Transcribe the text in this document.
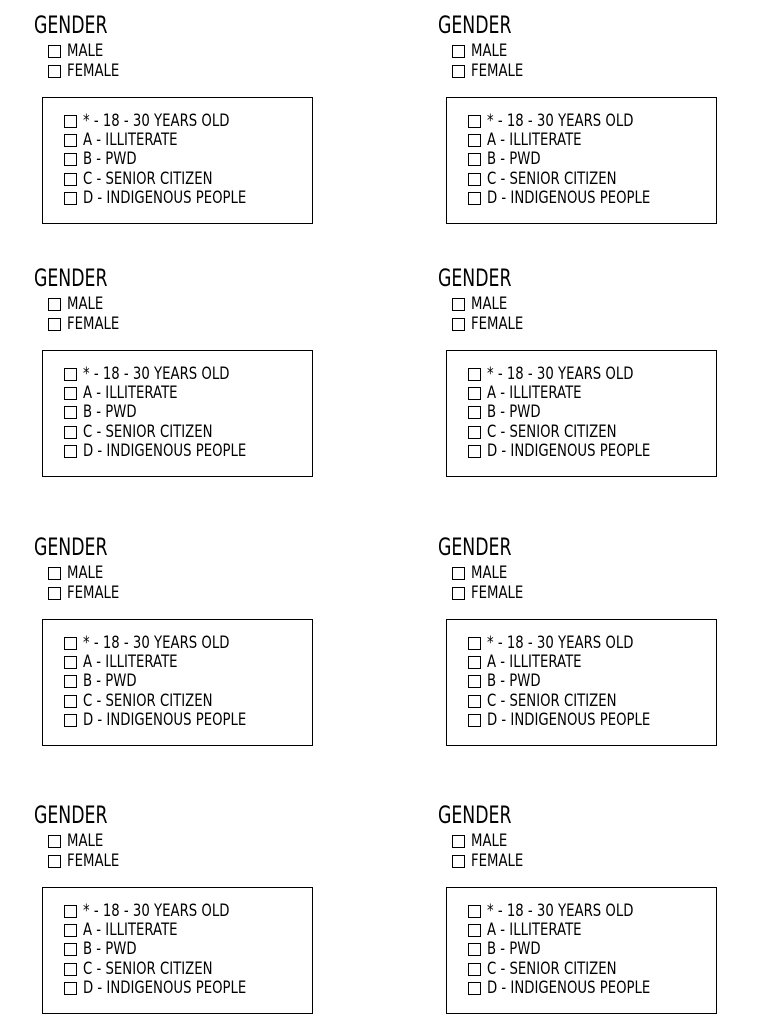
GENDER
MALE
FEMALE
* - 18 - 30 YEARS OLD
A - ILLITERATE
B - PWD
C - SENIOR CITIZEN
D - INDIGENOUS PEOPLE
GENDER
MALE
FEMALE
* - 18 - 30 YEARS OLD
A - ILLITERATE
B - PWD
C - SENIOR CITIZEN
D - INDIGENOUS PEOPLE
GENDER
MALE
FEMALE
* - 18 - 30 YEARS OLD
A - ILLITERATE
B - PWD
C - SENIOR CITIZEN
D - INDIGENOUS PEOPLE
GENDER
MALE
FEMALE
* - 18 - 30 YEARS OLD
A - ILLITERATE
B - PWD
C - SENIOR CITIZEN
D - INDIGENOUS PEOPLE
GENDER
MALE
FEMALE
* - 18 - 30 YEARS OLD
A - ILLITERATE
B - PWD
C - SENIOR CITIZEN
D - INDIGENOUS PEOPLE
GENDER
MALE
FEMALE
* - 18 - 30 YEARS OLD
A - ILLITERATE
B - PWD
C - SENIOR CITIZEN
D - INDIGENOUS PEOPLE
GENDER
MALE
FEMALE
* - 18 - 30 YEARS OLD
A - ILLITERATE
B - PWD
C - SENIOR CITIZEN
D - INDIGENOUS PEOPLE
GENDER
MALE
FEMALE
* - 18 - 30 YEARS OLD
A - ILLITERATE
B - PWD
C - SENIOR CITIZEN
D - INDIGENOUS PEOPLE
